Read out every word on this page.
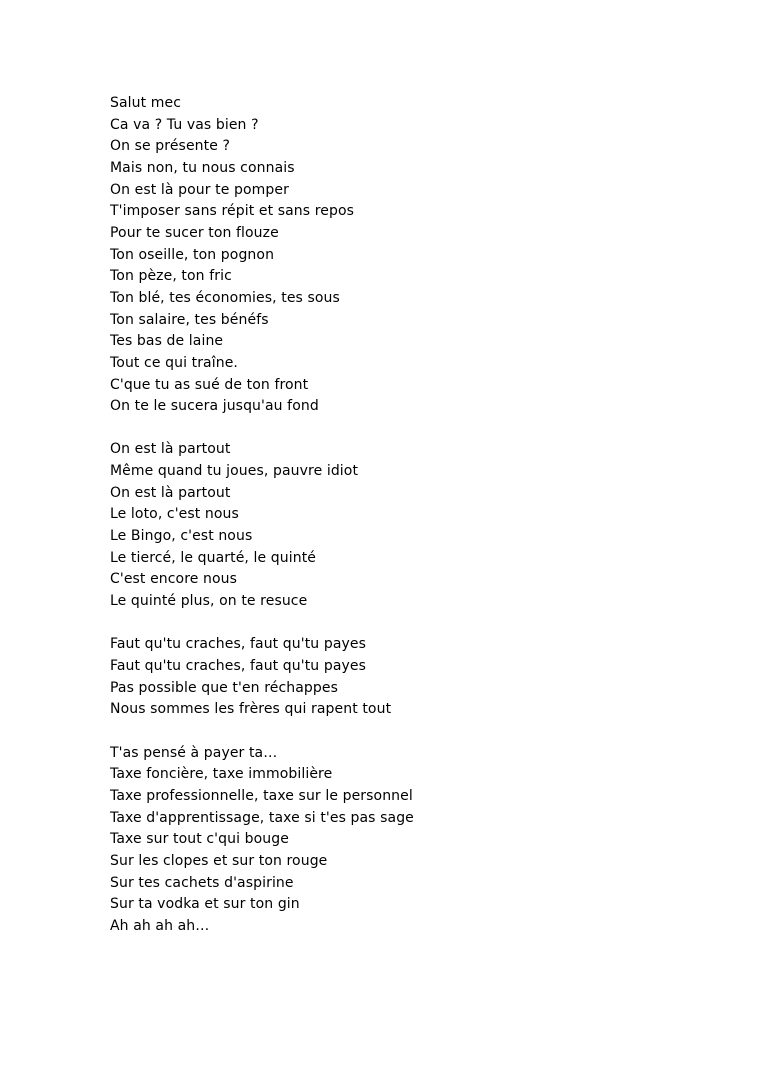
Salut mec
Ca va ? Tu vas bien ?
On se présente ?
Mais non, tu nous connais
On est là pour te pomper
T'imposer sans répit et sans repos
Pour te sucer ton flouze
Ton oseille, ton pognon
Ton pèze, ton fric
Ton blé, tes économies, tes sous
Ton salaire, tes bénéfs
Tes bas de laine
Tout ce qui traîne.
C'que tu as sué de ton front
On te le sucera jusqu'au fond
On est là partout
Même quand tu joues, pauvre idiot
On est là partout
Le loto, c'est nous
Le Bingo, c'est nous
Le tiercé, le quarté, le quinté
C'est encore nous
Le quinté plus, on te resuce
Faut qu'tu craches, faut qu'tu payes
Faut qu'tu craches, faut qu'tu payes
Pas possible que t'en réchappes
Nous sommes les frères qui rapent tout
T'as pensé à payer ta…
Taxe foncière, taxe immobilière
Taxe professionnelle, taxe sur le personnel
Taxe d'apprentissage, taxe si t'es pas sage
Taxe sur tout c'qui bouge
Sur les clopes et sur ton rouge
Sur tes cachets d'aspirine
Sur ta vodka et sur ton gin
Ah ah ah ah…
